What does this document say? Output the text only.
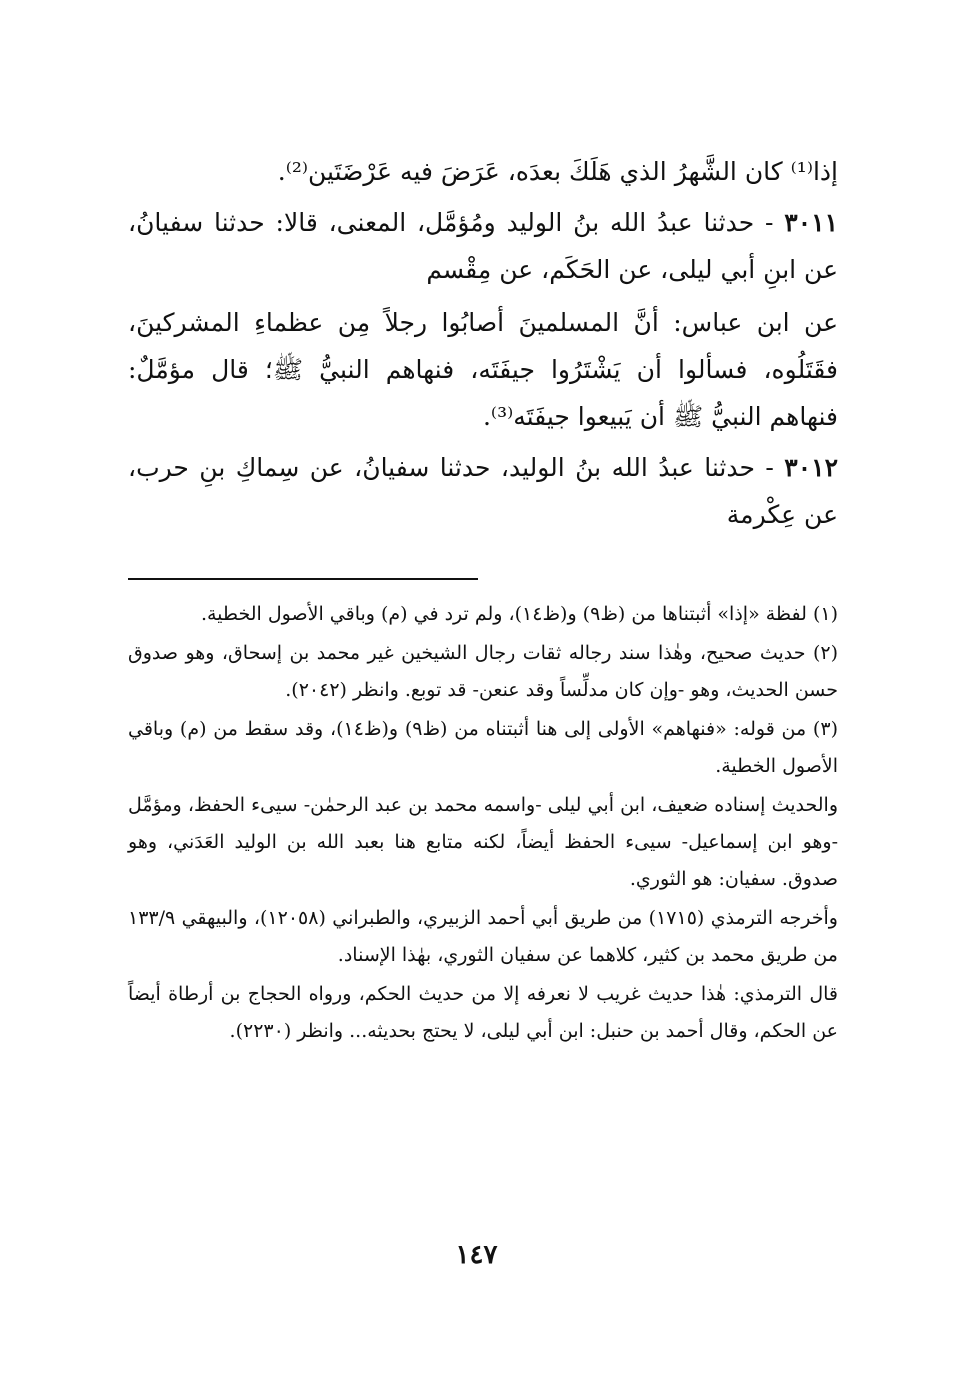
إذا⁽¹⁾ كان الشَّهرُ الذي هَلَكَ بعدَه، عَرَضَ فيه عَرْضَتَين⁽²⁾.

٣٠١١ - حدثنا عبدُ الله بنُ الوليد ومُؤمَّل، المعنى، قالا: حدثنا سفيانُ، عن ابنِ أبي ليلى، عن الحَكَم، عن مِقْسم

عن ابن عباس: أنَّ المسلمينَ أصابُوا رجلاً مِن عظماءِ المشركينَ، فقَتَلُوه، فسألوا أن يَشْتَرُوا جيفَتَه، فنهاهم النبيُّ ﷺ؛ قال مؤمَّلٌ: فنهاهم النبيُّ ﷺ أن يَبيعوا جيفَتَه⁽³⁾.

٣٠١٢ - حدثنا عبدُ الله بنُ الوليد، حدثنا سفيانُ، عن سِماكِ بنِ حرب، عن عِكْرمة

(١) لفظة «إذا» أثبتناها من (ظ٩) و(ظ١٤)، ولم ترد في (م) وباقي الأصول الخطية.

(٢) حديث صحيح، وهٰذا سند رجاله ثقات رجال الشيخين غير محمد بن إسحاق، وهو صدوق حسن الحديث، وهو -وإن كان مدلِّساً وقد عنعن- قد توبع. وانظر (٢٠٤٢).

(٣) من قوله: «فنهاهم» الأولى إلى هنا أثبتناه من (ظ٩) و(ظ١٤)، وقد سقط من (م) وباقي الأصول الخطية.

والحديث إسناده ضعيف، ابن أبي ليلى -واسمه محمد بن عبد الرحمٰن- سيىء الحفظ، ومؤمَّل -وهو ابن إسماعيل- سيىء الحفظ أيضاً، لكنه متابع هنا بعبد الله بن الوليد العَدَني، وهو صدوق. سفيان: هو الثوري.

وأخرجه الترمذي (١٧١٥) من طريق أبي أحمد الزبيري، والطبراني (١٢٠٥٨)، والبيهقي ١٣٣/٩ من طريق محمد بن كثير، كلاهما عن سفيان الثوري، بهٰذا الإسناد.

قال الترمذي: هٰذا حديث غريب لا نعرفه إلا من حديث الحكم، ورواه الحجاج بن أرطاة أيضاً عن الحكم، وقال أحمد بن حنبل: ابن أبي ليلى، لا يحتج بحديثه... وانظر (٢٢٣٠).

١٤٧
